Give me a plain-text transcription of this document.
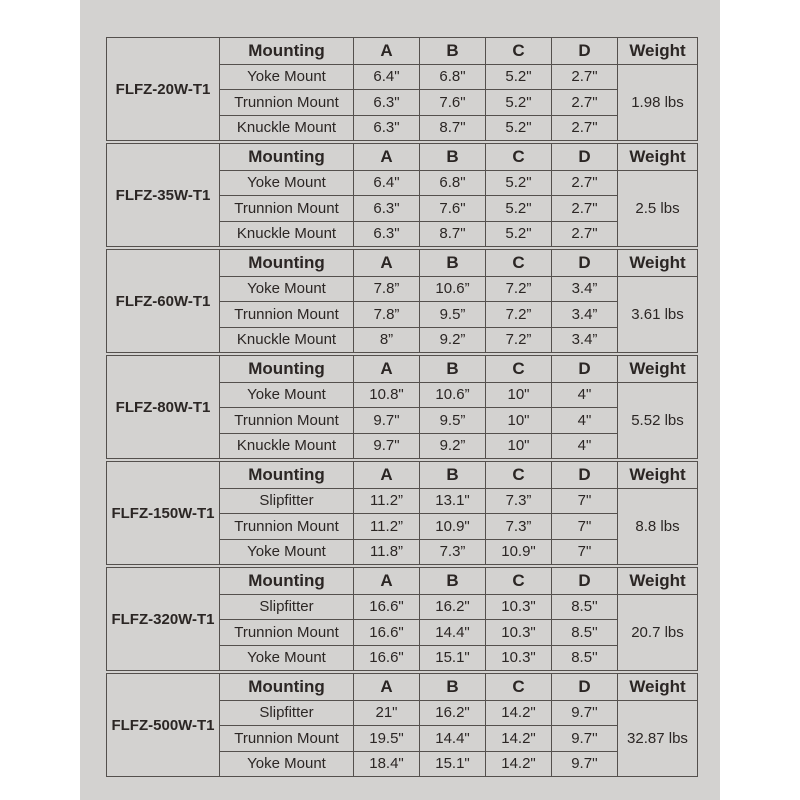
FLFZ-20W-T1
Mounting	A	B	C	D	Weight
1.98 lbs
Yoke Mount	6.4"	6.8"	5.2"	2.7"
Trunnion Mount	6.3"	7.6"	5.2"	2.7"
Knuckle Mount	6.3"	8.7"	5.2"	2.7"
FLFZ-35W-T1
Mounting	A	B	C	D	Weight
2.5 lbs
Yoke Mount	6.4"	6.8"	5.2"	2.7"
Trunnion Mount	6.3"	7.6"	5.2"	2.7"
Knuckle Mount	6.3"	8.7"	5.2"	2.7"
FLFZ-60W-T1
Mounting	A	B	C	D	Weight
3.61 lbs
Yoke Mount	7.8”	10.6”	7.2”	3.4”
Trunnion Mount	7.8”	9.5”	7.2”	3.4”
Knuckle Mount	8”	9.2”	7.2”	3.4”
FLFZ-80W-T1
Mounting	A	B	C	D	Weight
5.52 lbs
Yoke Mount	10.8"	10.6”	10"	4"
Trunnion Mount	9.7"	9.5”	10"	4"
Knuckle Mount	9.7"	9.2”	10"	4"
FLFZ-150W-T1
Mounting	A	B	C	D	Weight
8.8 lbs
Slipfitter	11.2”	13.1"	7.3”	7"
Trunnion Mount	11.2”	10.9"	7.3”	7"
Yoke Mount	11.8”	7.3”	10.9"	7"
FLFZ-320W-T1
Mounting	A	B	C	D	Weight
20.7 lbs
Slipfitter	16.6"	16.2"	10.3"	8.5''
Trunnion Mount	16.6"	14.4"	10.3"	8.5''
Yoke Mount	16.6"	15.1"	10.3"	8.5''
FLFZ-500W-T1
Mounting	A	B	C	D	Weight
32.87 lbs
Slipfitter	21"	16.2"	14.2"	9.7''
Trunnion Mount	19.5"	14.4"	14.2"	9.7''
Yoke Mount	18.4"	15.1"	14.2"	9.7''
